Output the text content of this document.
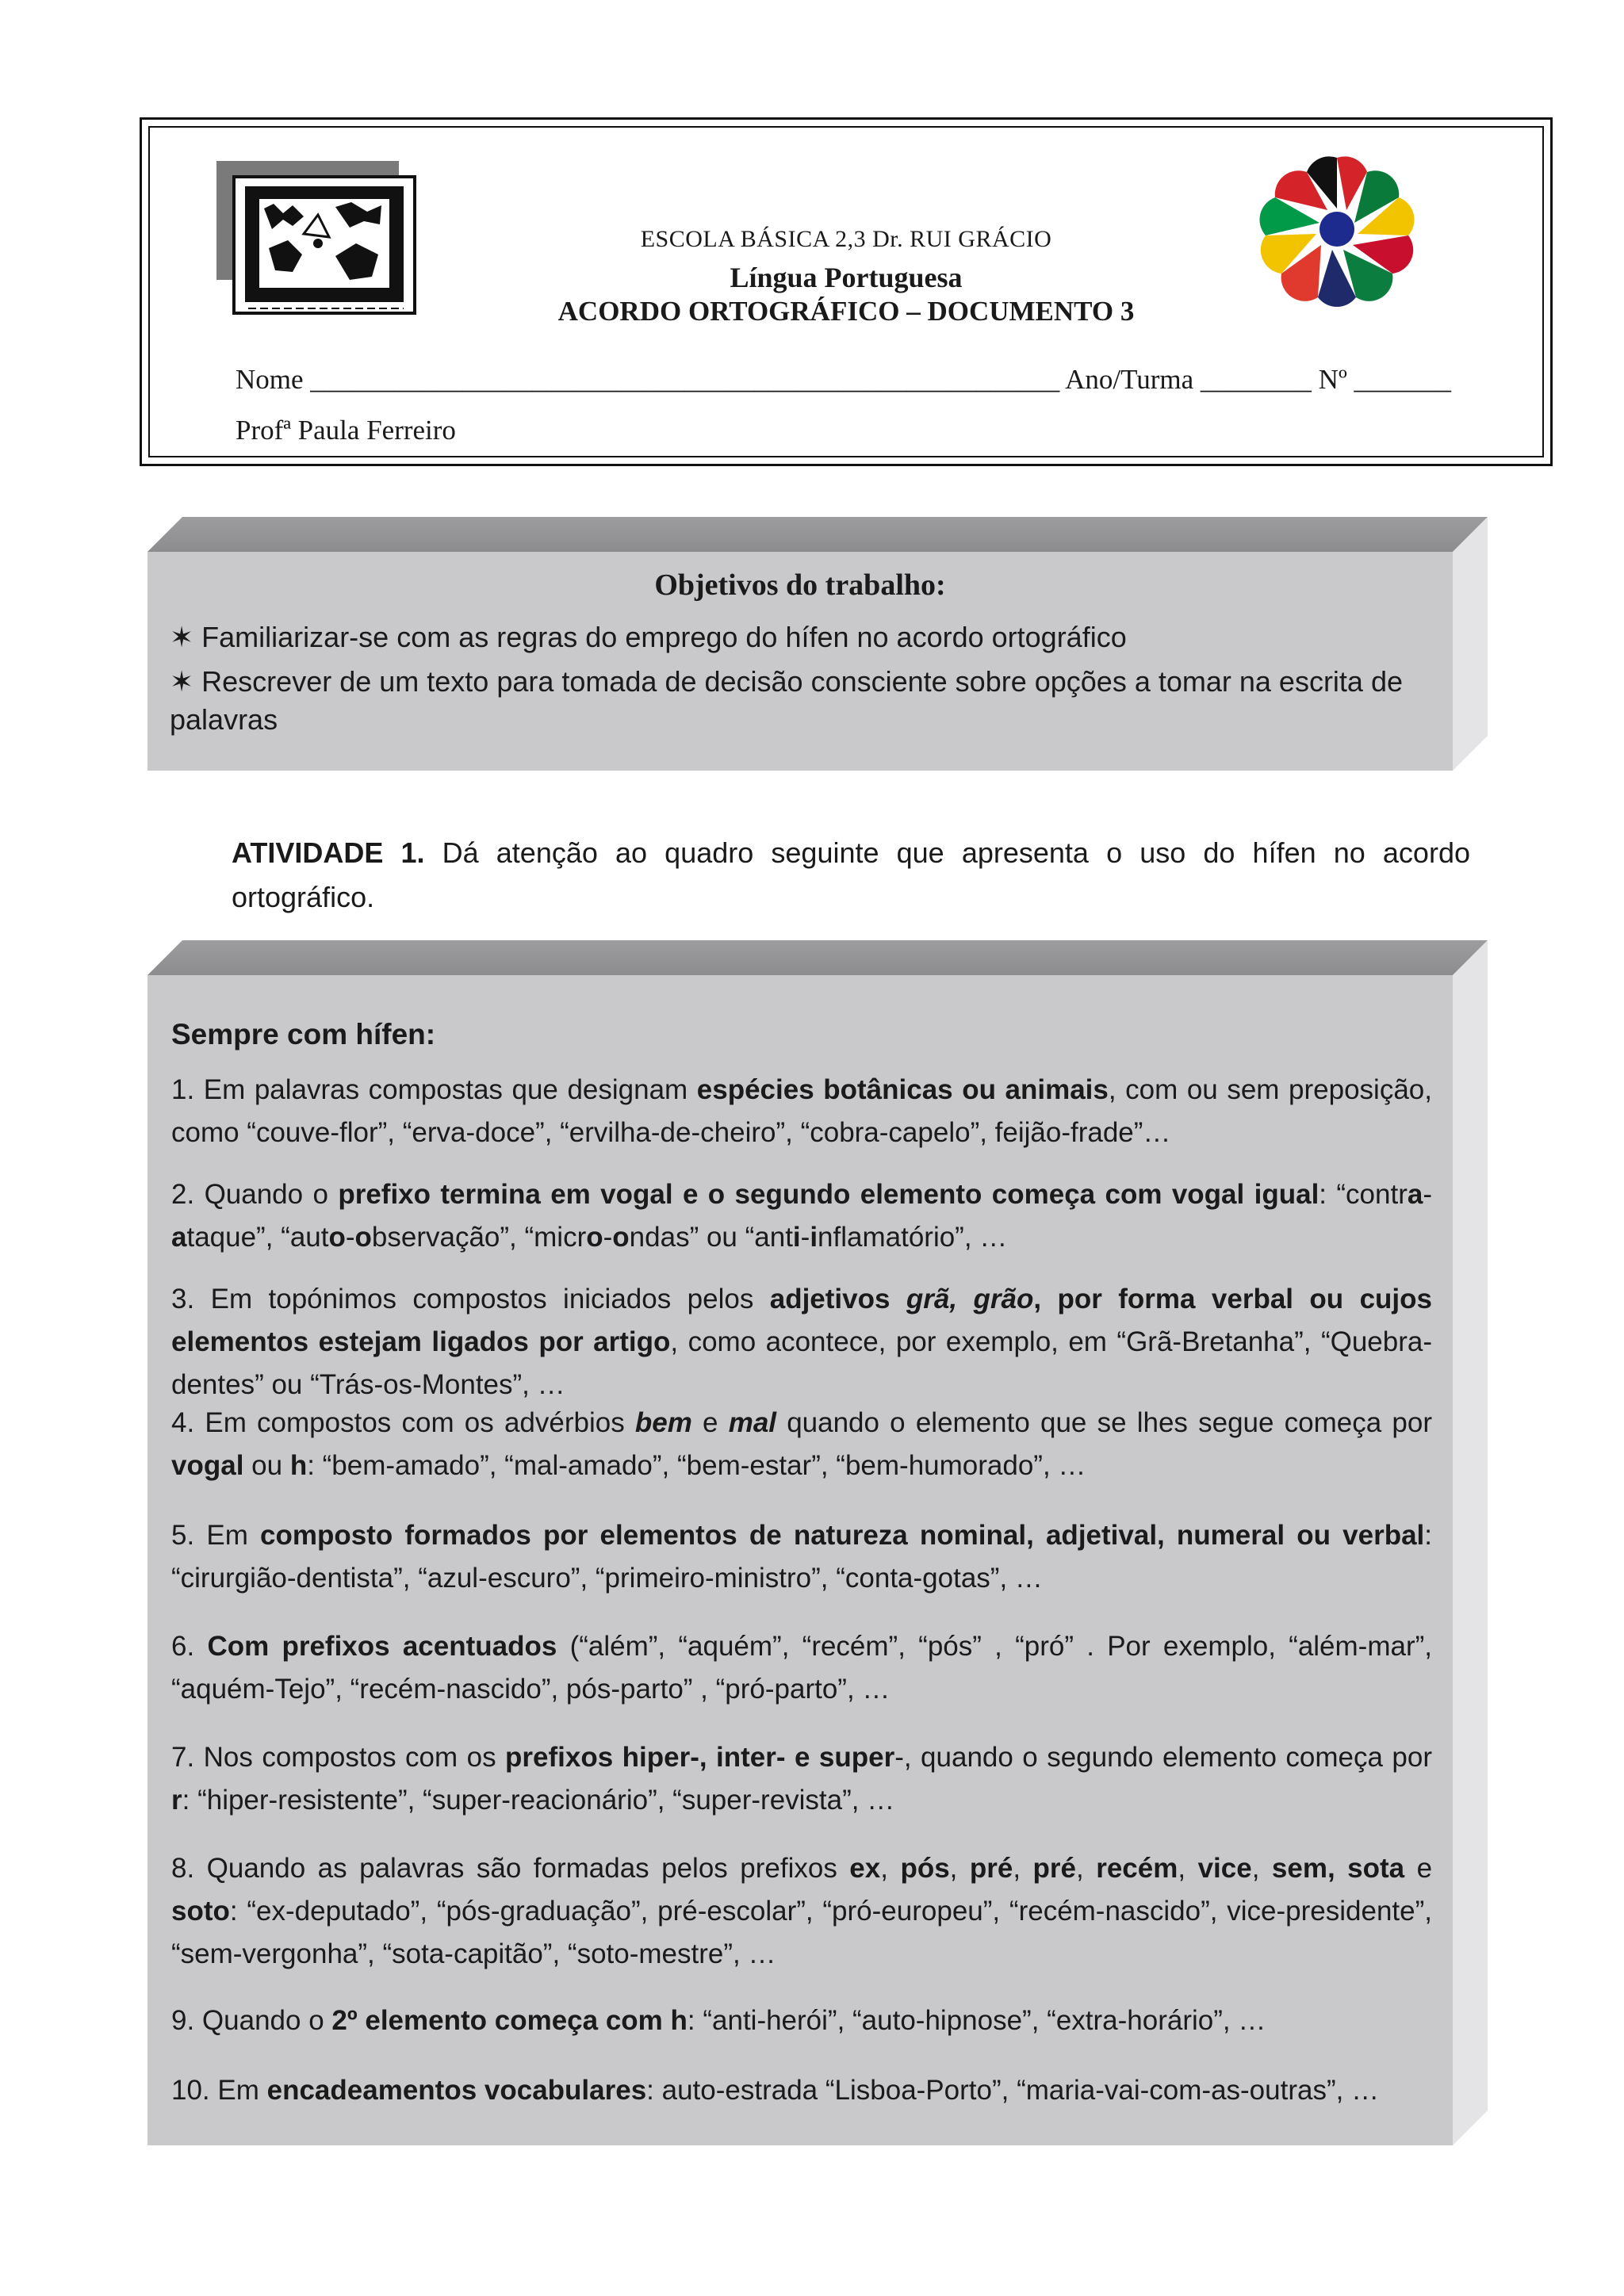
ESCOLA BÁSICA 2,3 Dr. RUI GRÁCIO
Língua Portuguesa
ACORDO ORTOGRÁFICO – DOCUMENTO 3
Nome ______________________________________________________ Ano/Turma ________ Nº _______
Profª Paula Ferreiro
Objetivos do trabalho:
✶ Familiarizar-se com as regras do emprego do hífen no acordo ortográfico
✶ Rescrever de um texto para tomada de decisão consciente sobre opções a tomar na escrita de palavras
ATIVIDADE 1. Dá atenção ao quadro seguinte que apresenta o uso do hífen no acordo ortográfico.
Sempre com hífen:
1. Em palavras compostas que designam espécies botânicas ou animais, com ou sem preposição, como “couve-flor”, “erva-doce”, “ervilha-de-cheiro”, “cobra-capelo”, feijão-frade”…
2. Quando o prefixo termina em vogal e o segundo elemento começa com vogal igual: “contra-ataque”, “auto-observação”, “micro-ondas” ou “anti-inflamatório”, …
3. Em topónimos compostos iniciados pelos adjetivos grã, grão, por forma verbal ou cujos elementos estejam ligados por artigo, como acontece, por exemplo, em “Grã-Bretanha”, “Quebra-dentes” ou “Trás-os-Montes”, …
4. Em compostos com os advérbios bem e mal quando o elemento que se lhes segue começa por vogal ou h: “bem-amado”, “mal-amado”, “bem-estar”, “bem-humorado”, …
5. Em composto formados por elementos de natureza nominal, adjetival, numeral ou verbal: “cirurgião-dentista”, “azul-escuro”, “primeiro-ministro”, “conta-gotas”, …
6. Com prefixos acentuados (“além”, “aquém”, “recém”, “pós” , “pró” . Por exemplo, “além-mar”, “aquém-Tejo”, “recém-nascido”, pós-parto” , “pró-parto”, …
7. Nos compostos com os prefixos hiper-, inter- e super-, quando o segundo elemento começa por r: “hiper-resistente”, “super-reacionário”, “super-revista”, …
8. Quando as palavras são formadas pelos prefixos ex, pós, pré, pré, recém, vice, sem, sota e soto: “ex-deputado”, “pós-graduação”, pré-escolar”, “pró-europeu”, “recém-nascido”, vice-presidente”, “sem-vergonha”, “sota-capitão”, “soto-mestre”, …
9. Quando o 2º elemento começa com h: “anti-herói”, “auto-hipnose”, “extra-horário”, …
10. Em encadeamentos vocabulares: auto-estrada “Lisboa-Porto”, “maria-vai-com-as-outras”, …
